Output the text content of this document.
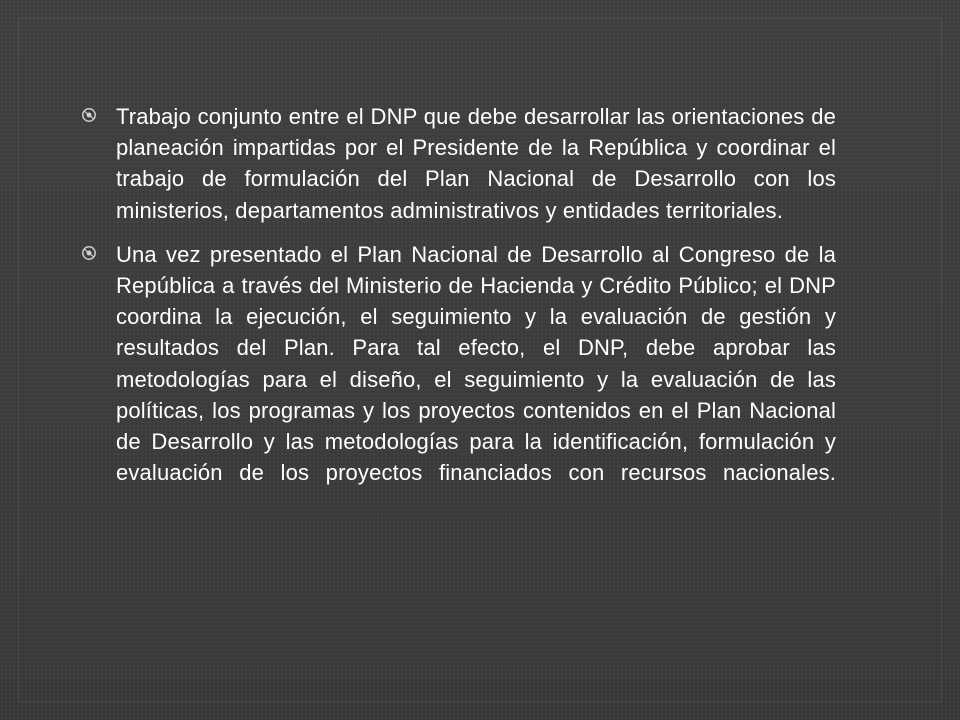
Trabajo conjunto entre el DNP que debe desarrollar las orientaciones de planeación impartidas por el Presidente de la República y coordinar el trabajo de formulación del Plan Nacional de Desarrollo con los ministerios, departamentos administrativos y entidades territoriales.
Una vez presentado el Plan Nacional de Desarrollo al Congreso de la República a través del Ministerio de Hacienda y Crédito Público; el DNP coordina la ejecución, el seguimiento y la evaluación de gestión y resultados del Plan. Para tal efecto, el DNP, debe aprobar las metodologías para el diseño, el seguimiento y la evaluación de las políticas, los programas y los proyectos contenidos en el Plan Nacional de Desarrollo y las metodologías para la identificación, formulación y evaluación de los proyectos financiados con recursos nacionales.
